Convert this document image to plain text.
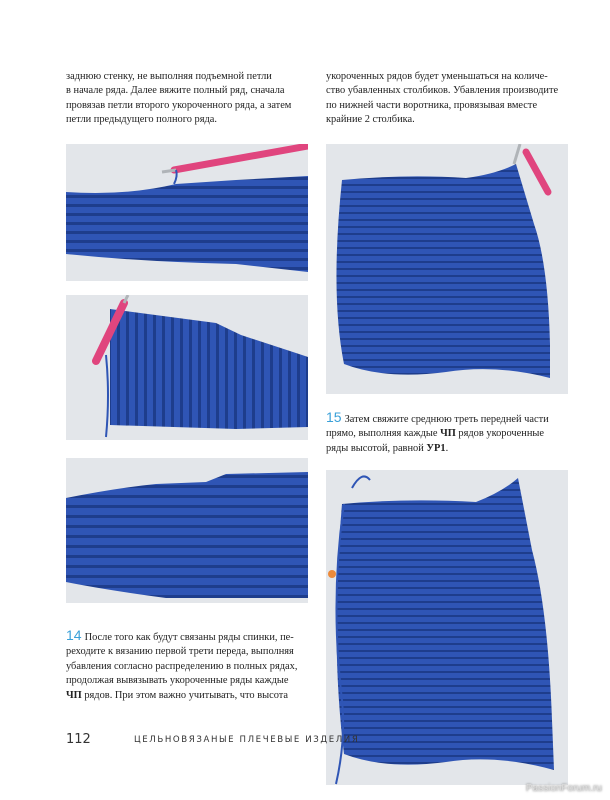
заднюю стенку, не выполняя подъемной петли
в начале ряда. Далее вяжите полный ряд, сначала
провязав петли второго укороченного ряда, а затем
петли предыдущего полного ряда.
укороченных рядов будет уменьшаться на количе-
ство убавленных столбиков. Убавления производите
по нижней части воротника, провязывая вместе
крайние 2 столбика.
15 Затем свяжите среднюю треть передней части
прямо, выполняя каждые ЧП рядов укороченные
ряды высотой, равной УР1.
14 После того как будут связаны ряды спинки, пе-
реходите к вязанию первой трети переда, выполняя
убавления согласно распределению в полных рядах,
продолжая вывязывать укороченные ряды каждые
ЧП рядов. При этом важно учитывать, что высота
112	ЦЕЛЬНОВЯЗАНЫЕ ПЛЕЧЕВЫЕ ИЗДЕЛИЯ
PassionForum.ru
